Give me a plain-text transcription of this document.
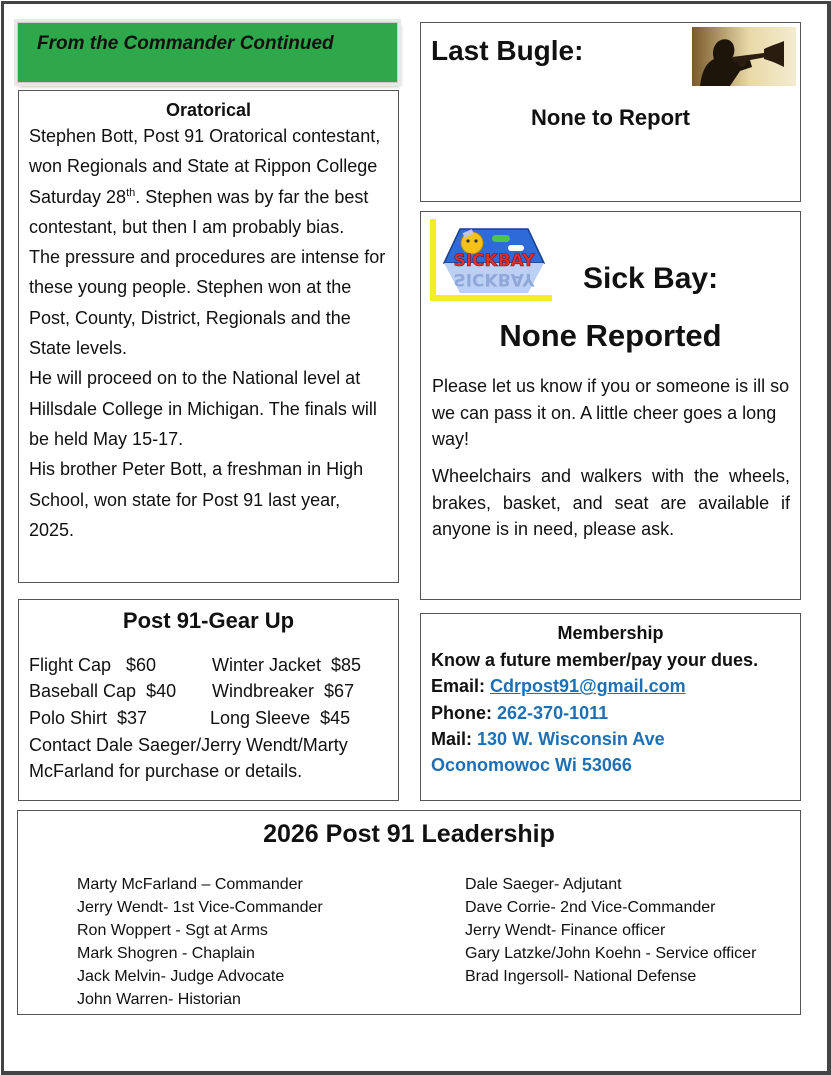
From the Commander Continued
Oratorical

Stephen Bott, Post 91 Oratorical contestant, won Regionals and State at Rippon College Saturday 28th. Stephen was by far the best contestant, but then I am probably bias.

The pressure and procedures are intense for these young people. Stephen won at the Post, County, District, Regionals and the State levels.

He will proceed on to the National level at Hillsdale College in Michigan. The finals will be held May 15-17.

His brother Peter Bott, a freshman in High School, won state for Post 91 last year, 2025.

Last Bugle:
None to Report
SICKBAY
SICKBAY Sick Bay:
None Reported

Please let us know if you or someone is ill so we can pass it on. A little cheer goes a long way!

Wheelchairs and walkers with the wheels, brakes, basket, and seat are available if anyone is in need, please ask.

Post 91-Gear Up
Flight Cap   $60	Winter Jacket  $85
Baseball Cap  $40 Windbreaker  $67
Polo Shirt  $37	Long Sleeve  $45

Contact Dale Saeger/Jerry Wendt/Marty McFarland for purchase or details.

Membership
Know a future member/pay your dues.
Email: Cdrpost91@gmail.com
Phone: 262-370-1011
Mail: 130 W. Wisconsin Ave
Oconomowoc Wi 53066
2026 Post 91 Leadership
Marty McFarland – Commander
Jerry Wendt- 1st Vice-Commander
Ron Woppert - Sgt at Arms
Mark Shogren - Chaplain
Jack Melvin- Judge Advocate
John Warren- Historian
Dale Saeger- Adjutant
Dave Corrie- 2nd Vice-Commander
Jerry Wendt- Finance officer
Gary Latzke/John Koehn - Service officer
Brad Ingersoll- National Defense
